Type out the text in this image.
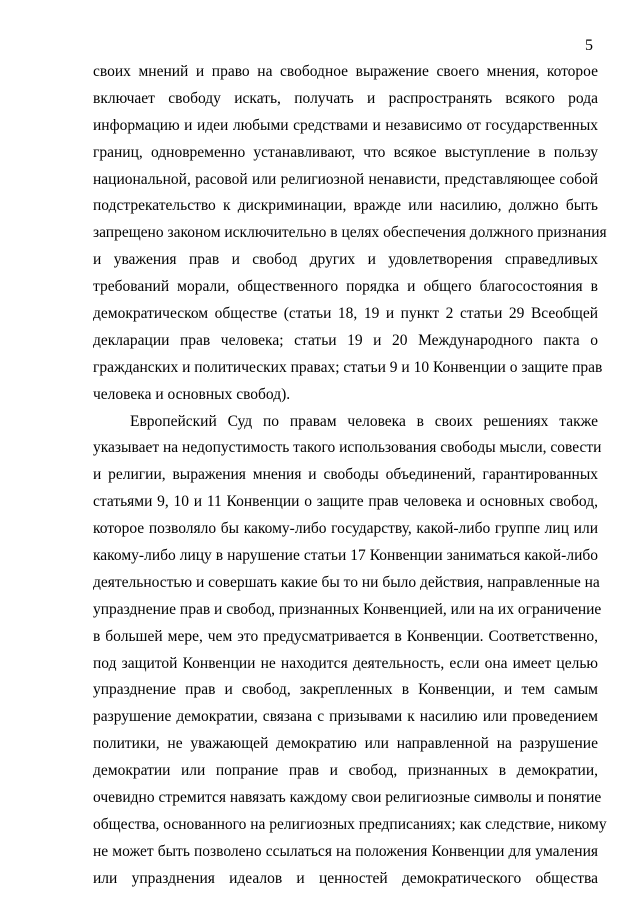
5

своих мнений и право на свободное выражение своего мнения, которое
включает свободу искать, получать и распространять всякого рода
информацию и идеи любыми средствами и независимо от государственных
границ, одновременно устанавливают, что всякое выступление в пользу
национальной, расовой или религиозной ненависти, представляющее собой
подстрекательство к дискриминации, вражде или насилию, должно быть
запрещено законом исключительно в целях обеспечения должного признания
и уважения прав и свобод других и удовлетворения справедливых
требований морали, общественного порядка и общего благосостояния в
демократическом обществе (статьи 18, 19 и пункт 2 статьи 29 Всеобщей
декларации прав человека; статьи 19 и 20 Международного пакта о
гражданских и политических правах; статьи 9 и 10 Конвенции о защите прав
человека и основных свобод).

Европейский Суд по правам человека в своих решениях также
указывает на недопустимость такого использования свободы мысли, совести
и религии, выражения мнения и свободы объединений, гарантированных
статьями 9, 10 и 11 Конвенции о защите прав человека и основных свобод,
которое позволяло бы какому-либо государству, какой-либо группе лиц или
какому-либо лицу в нарушение статьи 17 Конвенции заниматься какой-либо
деятельностью и совершать какие бы то ни было действия, направленные на
упразднение прав и свобод, признанных Конвенцией, или на их ограничение
в большей мере, чем это предусматривается в Конвенции. Соответственно,
под защитой Конвенции не находится деятельность, если она имеет целью
упразднение прав и свобод, закрепленных в Конвенции, и тем самым
разрушение демократии, связана с призывами к насилию или проведением
политики, не уважающей демократию или направленной на разрушение
демократии или попрание прав и свобод, признанных в демократии,
очевидно стремится навязать каждому свои религиозные символы и понятие
общества, основанного на религиозных предписаниях; как следствие, никому
не может быть позволено ссылаться на положения Конвенции для умаления
или упразднения идеалов и ценностей демократического общества
